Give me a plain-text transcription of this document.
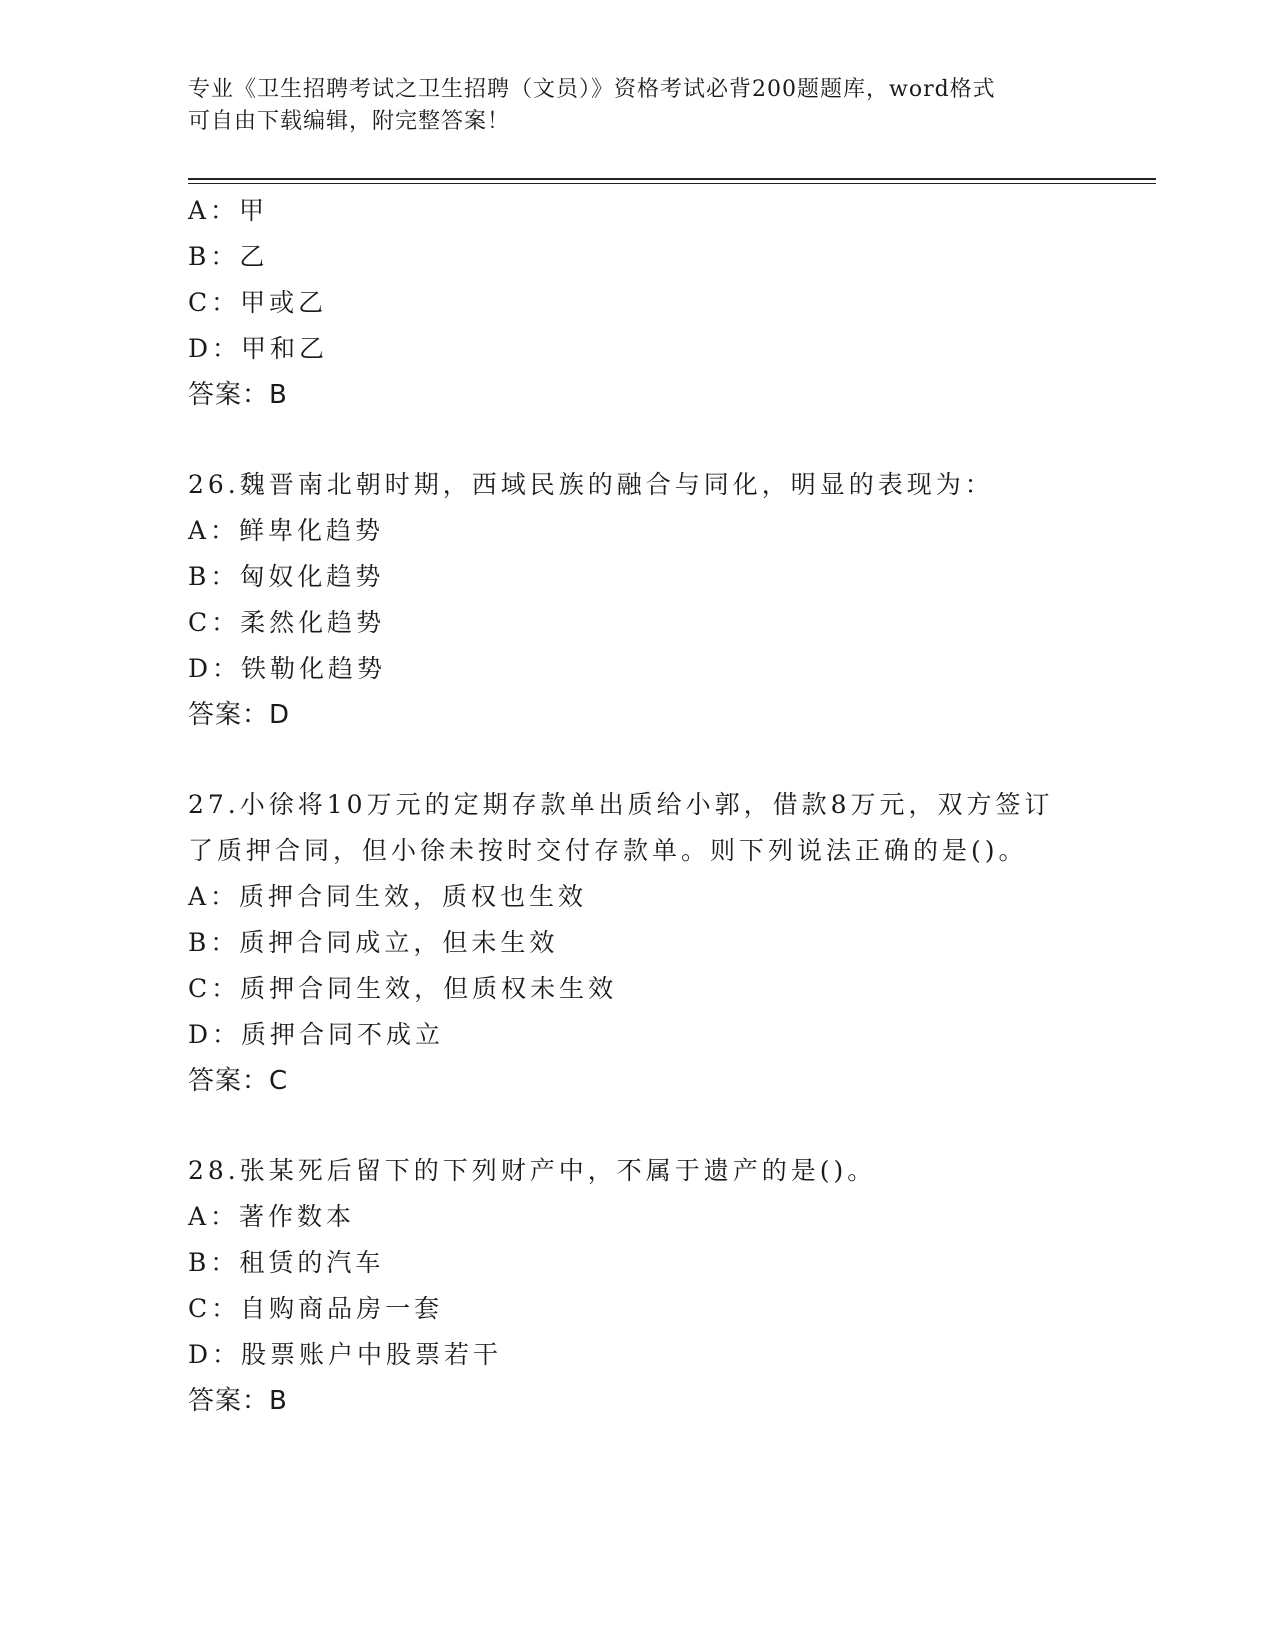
专业《卫生招聘考试之卫生招聘（文员）》资格考试必背200题题库，word格式
可自由下载编辑，附完整答案！
A：甲
B：乙
C：甲或乙
D：甲和乙
答案：B
26.魏晋南北朝时期，西域民族的融合与同化，明显的表现为：
A：鲜卑化趋势
B：匈奴化趋势
C：柔然化趋势
D：铁勒化趋势
答案：D
27.小徐将10万元的定期存款单出质给小郭，借款8万元，双方签订
了质押合同，但小徐未按时交付存款单。则下列说法正确的是()。
A：质押合同生效，质权也生效
B：质押合同成立，但未生效
C：质押合同生效，但质权未生效
D：质押合同不成立
答案：C
28.张某死后留下的下列财产中，不属于遗产的是()。
A：著作数本
B：租赁的汽车
C：自购商品房一套
D：股票账户中股票若干
答案：B
